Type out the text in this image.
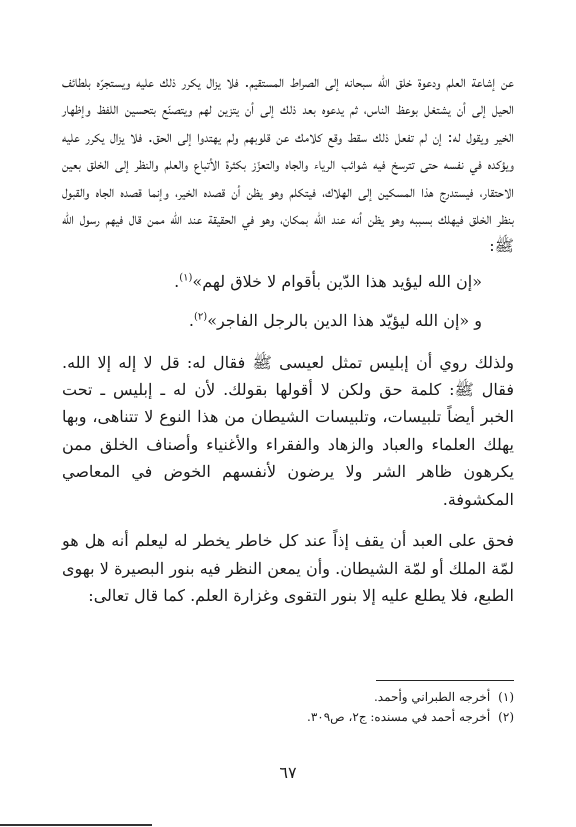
عن إشاعة العلم ودعوة خلق الله سبحانه إلى الصراط المستقيم. فلا يزال يكرر ذلك عليه ويستجرّه بلطائف الحيل إلى أن يشتغل بوعظ الناس، ثم يدعوه بعد ذلك إلى أن يتزين لهم ويتصنّع بتحسين اللفظ وإظهار الخير ويقول له: إن لم تفعل ذلك سقط وقع كلامك عن قلوبهم ولم يهتدوا إلى الحق. فلا يزال يكرر عليه ويؤكده في نفسه حتى تترسخ فيه شوائب الرياء والجاه والتعزّز بكثرة الأتباع والعلم والنظر إلى الخلق بعين الاحتقار، فيستدرج هذا المسكين إلى الهلاك، فيتكلم وهو يظن أن قصده الخير، وإنما قصده الجاه والقبول بنظر الخلق فيهلك بسببه وهو يظن أنه عند الله بمكان، وهو في الحقيقة عند الله ممن قال فيهم رسول الله ﷺ:

«إن الله ليؤيد هذا الدّين بأقوام لا خلاق لهم»$^{(١)}$.

و «إن الله ليؤيّد هذا الدين بالرجل الفاجر»$^{(٢)}$.

ولذلك روي أن إبليس تمثل لعيسى ﷺ فقال له: قل لا إله إلا الله. فقال ﷺ: كلمة حق ولكن لا أقولها بقولك. لأن له ـ إبليس ـ تحت الخبر أيضاً تلبيسات، وتلبيسات الشيطان من هذا النوع لا تتناهى، وبها يهلك العلماء والعباد والزهاد والفقراء والأغنياء وأصناف الخلق ممن يكرهون ظاهر الشر ولا يرضون لأنفسهم الخوض في المعاصي المكشوفة.

فحق على العبد أن يقف إذاً عند كل خاطر يخطر له ليعلم أنه هل هو لمّة الملك أو لمّة الشيطان. وأن يمعن النظر فيه بنور البصيرة لا بهوى الطبع، فلا يطلع عليه إلا بنور التقوى وغزارة العلم. كما قال تعالى:

(١)أخرجه الطبراني وأحمد.

(٢)أخرجه أحمد في مسنده: ج٢، ص٣٠٩.

٦٧
